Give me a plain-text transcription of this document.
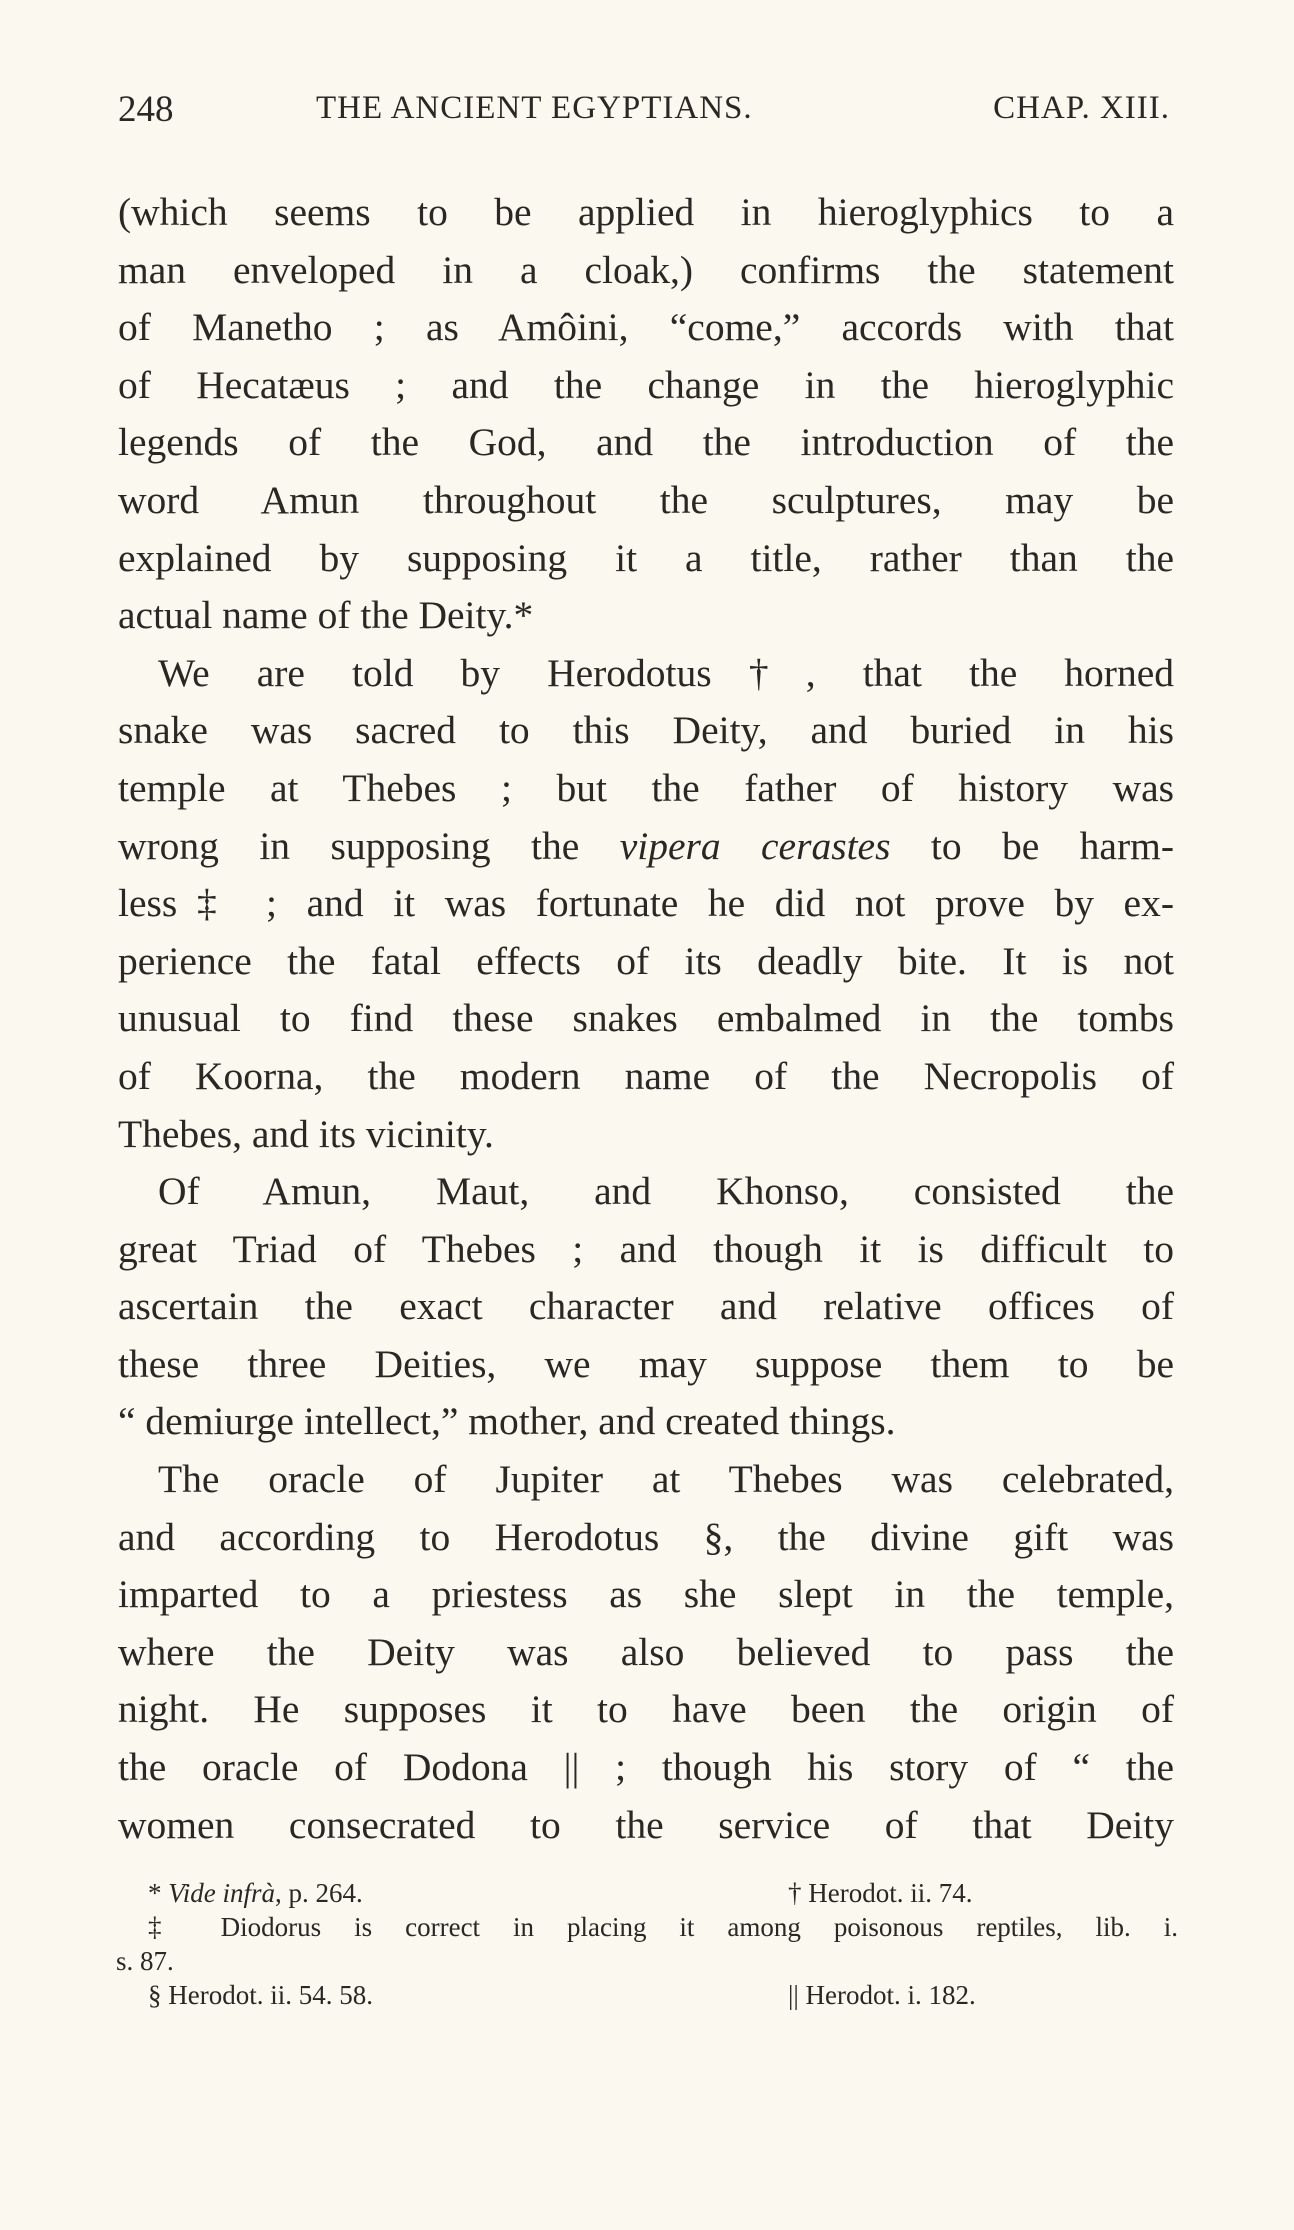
248	THE ANCIENT EGYPTIANS.	CHAP. XIII.
(which seems to be applied in hieroglyphics to a
man enveloped in a cloak,) confirms the statement
of Manetho ; as Amôini, “come,” accords with that
of Hecatæus ; and the change in the hieroglyphic
legends of the God, and the introduction of the
word Amun throughout the sculptures, may be
explained by supposing it a title, rather than the
actual name of the Deity.*
We are told by Herodotus†, that the horned
snake was sacred to this Deity, and buried in his
temple at Thebes ; but the father of history was
wrong in supposing the vipera cerastes to be harm-
less‡ ; and it was fortunate he did not prove by ex-
perience the fatal effects of its deadly bite. It is not
unusual to find these snakes embalmed in the tombs
of Koorna, the modern name of the Necropolis of
Thebes, and its vicinity.
Of Amun, Maut, and Khonso, consisted the
great Triad of Thebes ; and though it is difficult to
ascertain the exact character and relative offices of
these three Deities, we may suppose them to be
“ demiurge intellect,” mother, and created things.
The oracle of Jupiter at Thebes was celebrated,
and according to Herodotus §, the divine gift was
imparted to a priestess as she slept in the temple,
where the Deity was also believed to pass the
night. He supposes it to have been the origin of
the oracle of Dodona || ; though his story of “ the
women consecrated to the service of that Deity
* Vide infrà, p. 264.	† Herodot. ii. 74.
‡ Diodorus is correct in placing it among poisonous reptiles, lib. i.
s. 87.
§ Herodot. ii. 54. 58.	|| Herodot. i. 182.
